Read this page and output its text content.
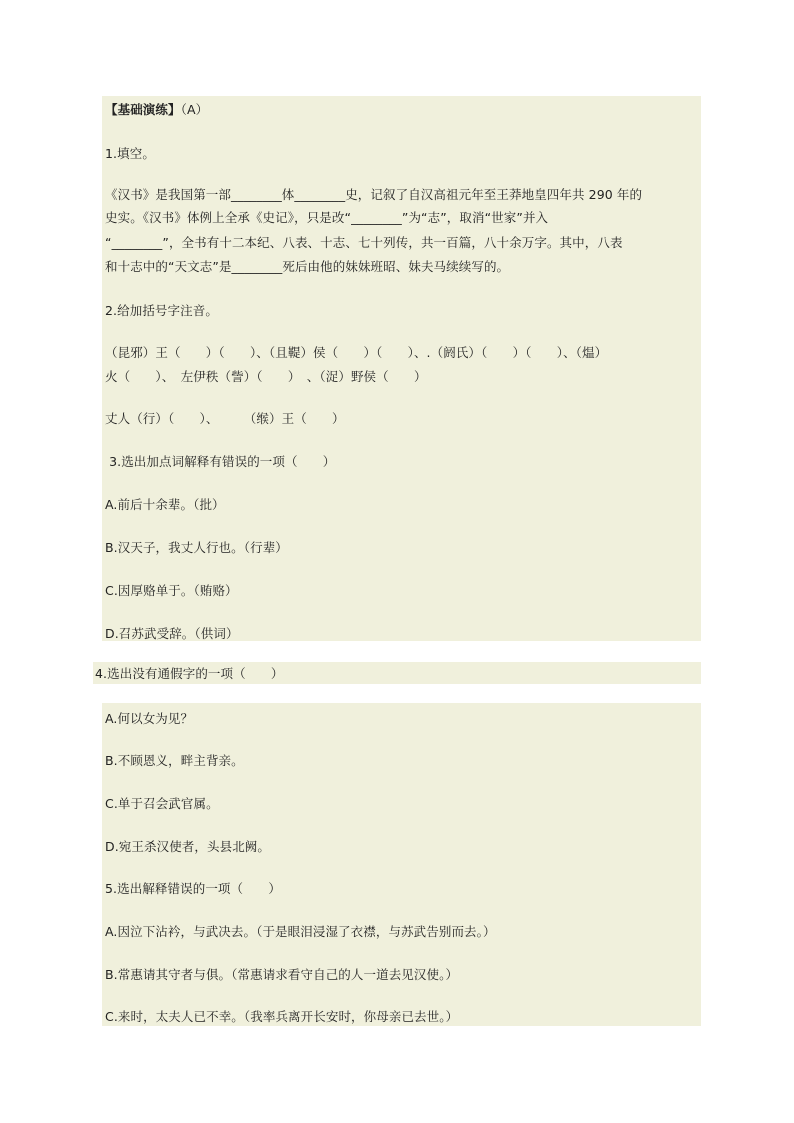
【基础演练】（A）
1.填空。
《汉书》是我国第一部________体________史，记叙了自汉高祖元年至王莽地皇四年共 290 年的
史实。《汉书》体例上全承《史记》，只是改“________”为“志”，取消“世家”并入
“________”，全书有十二本纪、八表、十志、七十列传，共一百篇，八十余万字。其中，八表
和十志中的“天文志”是________死后由他的妹妹班昭、妹夫马续续写的。
2.给加括号字注音。
（昆邪）王（　　）（　　）、（且鞮）侯（　　）（　　）、.（阏氏）（　　）（　　）、（煴）
火（　　）、　左伊秩（訾）（　　）　、（浞）野侯（　　）
丈人（行）（　　）、　　　（缑）王（　　）
3.选出加点词解释有错误的一项（　　）
A.前后十余辈。（批）
B.汉天子，我丈人行也。（行辈）
C.因厚赂单于。（贿赂）
D.召苏武受辞。（供词）
4.选出没有通假字的一项（　　）
A.何以女为见？
B.不顾恩义，畔主背亲。
C.单于召会武官属。
D.宛王杀汉使者，头县北阙。
5.选出解释错误的一项（　　）
A.因泣下沾衿，与武决去。（于是眼泪浸湿了衣襟，与苏武告别而去。）
B.常惠请其守者与俱。（常惠请求看守自己的人一道去见汉使。）
C.来时，太夫人已不幸。（我率兵离开长安时，你母亲已去世。）
